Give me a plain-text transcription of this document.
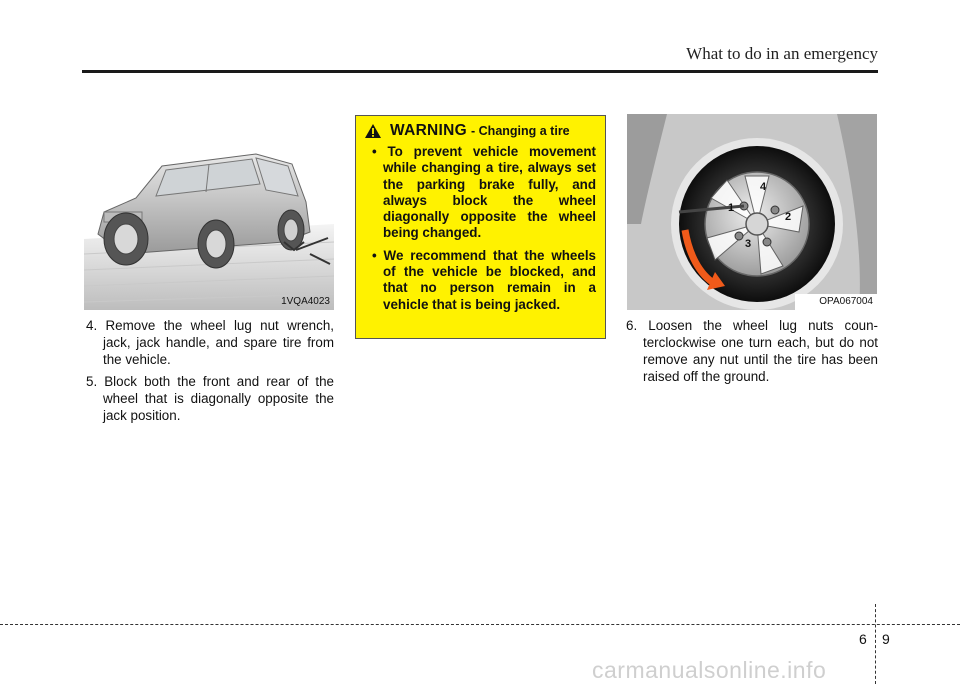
What to do in an emergency
1VQA4023

4. Remove the wheel lug nut wrench, jack, jack handle, and spare tire from the vehicle.

5. Block both the front and rear of the wheel that is diagonally opposite the jack position.

WARNING - Changing a tire
• To prevent vehicle movement while changing a tire, always set the parking brake fully, and always block the wheel diagonally opposite the wheel being changed.
• We recommend that the wheels of the vehicle be blocked, and that no person remain in a vehicle that is being jacked.
1
2
3
4
OPA067004

6. Loosen the wheel lug nuts coun-terclockwise one turn each, but do not remove any nut until the tire has been raised off the ground.

6 9
carmanualsonline.info
